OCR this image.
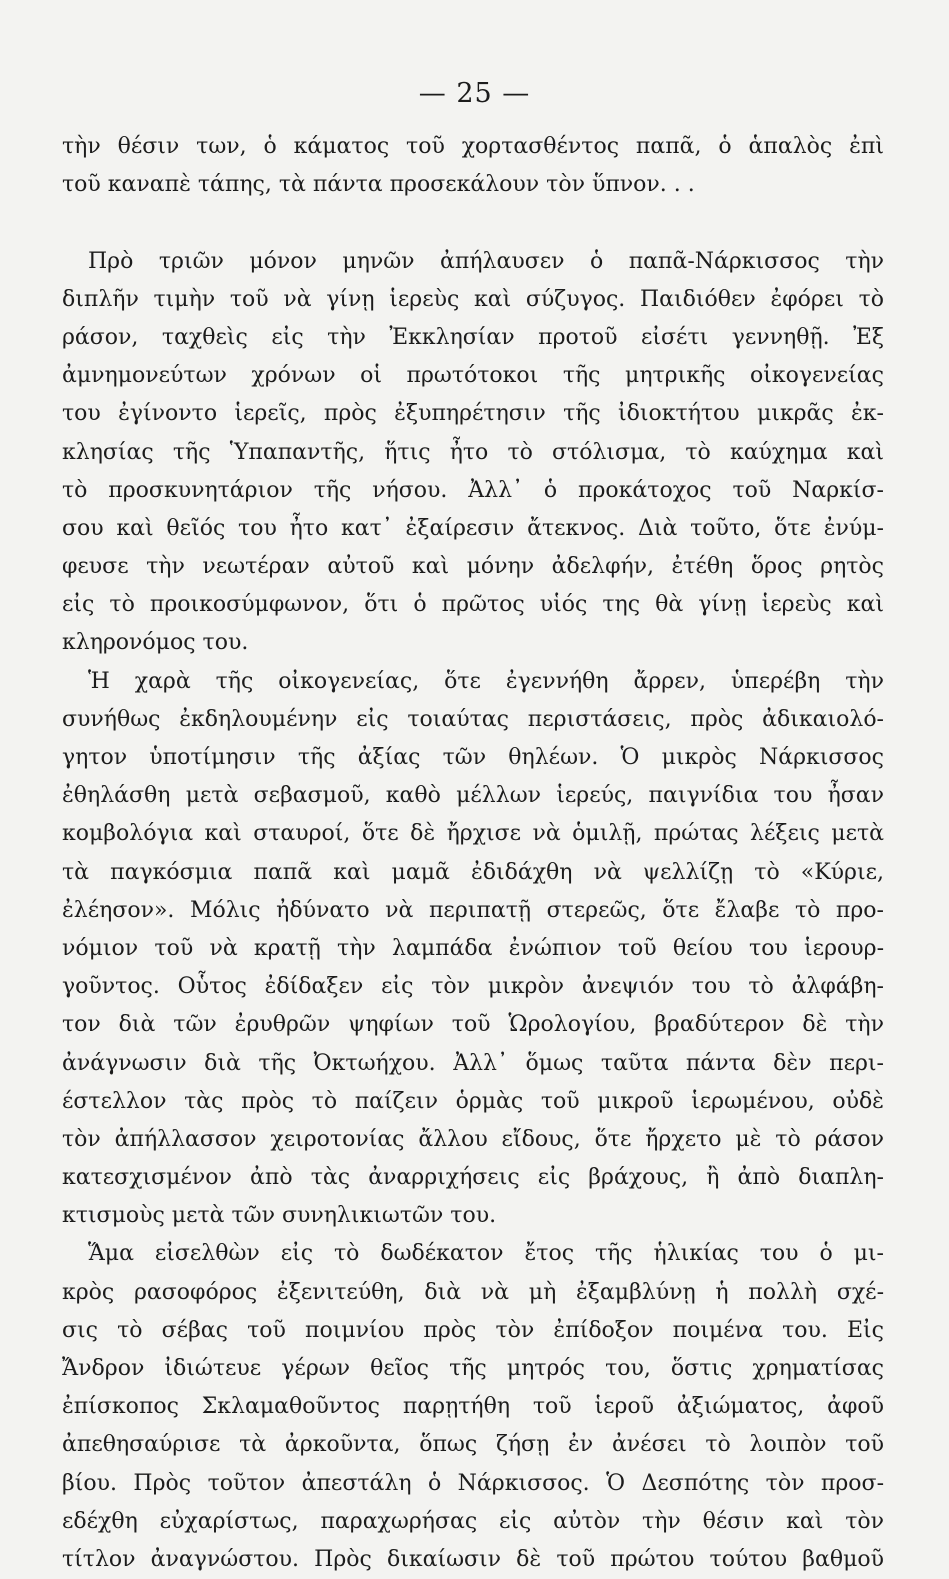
— 25 —
τὴν θέσιν των, ὁ κάματος τοῦ χορτασθέντος παπᾶ, ὁ ἁπαλὸς ἐπὶ
τοῦ καναπὲ τάπης, τὰ πάντα προσεκάλουν τὸν ὕπνον. . .
Πρὸ τριῶν μόνον μηνῶν ἀπήλαυσεν ὁ παπᾶ-Νάρκισσος τὴν
διπλῆν τιμὴν τοῦ νὰ γίνῃ ἱερεὺς καὶ σύζυγος. Παιδιόθεν ἐφόρει τὸ
ράσον, ταχθεὶς εἰς τὴν Ἐκκλησίαν προτοῦ εἰσέτι γεννηθῇ. Ἐξ
ἀμνημονεύτων χρόνων οἱ πρωτότοκοι τῆς μητρικῆς οἰκογενείας
του ἐγίνοντο ἱερεῖς, πρὸς ἐξυπηρέτησιν τῆς ἰδιοκτήτου μικρᾶς ἐκ-
κλησίας τῆς Ὑπαπαντῆς, ἥτις ἦτο τὸ στόλισμα, τὸ καύχημα καὶ
τὸ προσκυνητάριον τῆς νήσου. Ἀλλ᾽ ὁ προκάτοχος τοῦ Ναρκίσ-
σου καὶ θεῖός του ἦτο κατ᾽ ἐξαίρεσιν ἄτεκνος. Διὰ τοῦτο, ὅτε ἐνύμ-
φευσε τὴν νεωτέραν αὐτοῦ καὶ μόνην ἀδελφήν, ἐτέθη ὅρος ρητὸς
εἰς τὸ προικοσύμφωνον, ὅτι ὁ πρῶτος υἱός της θὰ γίνῃ ἱερεὺς καὶ
κληρονόμος του.
Ἡ χαρὰ τῆς οἰκογενείας, ὅτε ἐγεννήθη ἄρρεν, ὑπερέβη τὴν
συνήθως ἐκδηλουμένην εἰς τοιαύτας περιστάσεις, πρὸς ἀδικαιολό-
γητον ὑποτίμησιν τῆς ἀξίας τῶν θηλέων. Ὁ μικρὸς Νάρκισσος
ἐθηλάσθη μετὰ σεβασμοῦ, καθὸ μέλλων ἱερεύς, παιγνίδια του ἦσαν
κομβολόγια καὶ σταυροί, ὅτε δὲ ἤρχισε νὰ ὁμιλῇ, πρώτας λέξεις μετὰ
τὰ παγκόσμια παπᾶ καὶ μαμᾶ ἐδιδάχθη νὰ ψελλίζῃ τὸ «Κύριε,
ἐλέησον». Μόλις ἠδύνατο νὰ περιπατῇ στερεῶς, ὅτε ἔλαβε τὸ προ-
νόμιον τοῦ νὰ κρατῇ τὴν λαμπάδα ἐνώπιον τοῦ θείου του ἱερουρ-
γοῦντος. Οὗτος ἐδίδαξεν εἰς τὸν μικρὸν ἀνεψιόν του τὸ ἀλφάβη-
τον διὰ τῶν ἐρυθρῶν ψηφίων τοῦ Ὡρολογίου, βραδύτερον δὲ τὴν
ἀνάγνωσιν διὰ τῆς Ὀκτωήχου. Ἀλλ᾽ ὅμως ταῦτα πάντα δὲν περι-
έστελλον τὰς πρὸς τὸ παίζειν ὁρμὰς τοῦ μικροῦ ἱερωμένου, οὐδὲ
τὸν ἀπήλλασσον χειροτονίας ἄλλου εἴδους, ὅτε ἤρχετο μὲ τὸ ράσον
κατεσχισμένον ἀπὸ τὰς ἀναρριχήσεις εἰς βράχους, ἢ ἀπὸ διαπλη-
κτισμοὺς μετὰ τῶν συνηλικιωτῶν του.
Ἅμα εἰσελθὼν εἰς τὸ δωδέκατον ἔτος τῆς ἡλικίας του ὁ μι-
κρὸς ρασοφόρος ἐξενιτεύθη, διὰ νὰ μὴ ἐξαμβλύνῃ ἡ πολλὴ σχέ-
σις τὸ σέβας τοῦ ποιμνίου πρὸς τὸν ἐπίδοξον ποιμένα του. Εἰς
Ἄνδρον ἰδιώτευε γέρων θεῖος τῆς μητρός του, ὅστις χρηματίσας
ἐπίσκοπος Σκλαμαθοῦντος παρῃτήθη τοῦ ἱεροῦ ἀξιώματος, ἀφοῦ
ἀπεθησαύρισε τὰ ἀρκοῦντα, ὅπως ζήσῃ ἐν ἀνέσει τὸ λοιπὸν τοῦ
βίου. Πρὸς τοῦτον ἀπεστάλη ὁ Νάρκισσος. Ὁ Δεσπότης τὸν προσ-
εδέχθη εὐχαρίστως, παραχωρήσας εἰς αὐτὸν τὴν θέσιν καὶ τὸν
τίτλον ἀναγνώστου. Πρὸς δικαίωσιν δὲ τοῦ πρώτου τούτου βαθμοῦ
